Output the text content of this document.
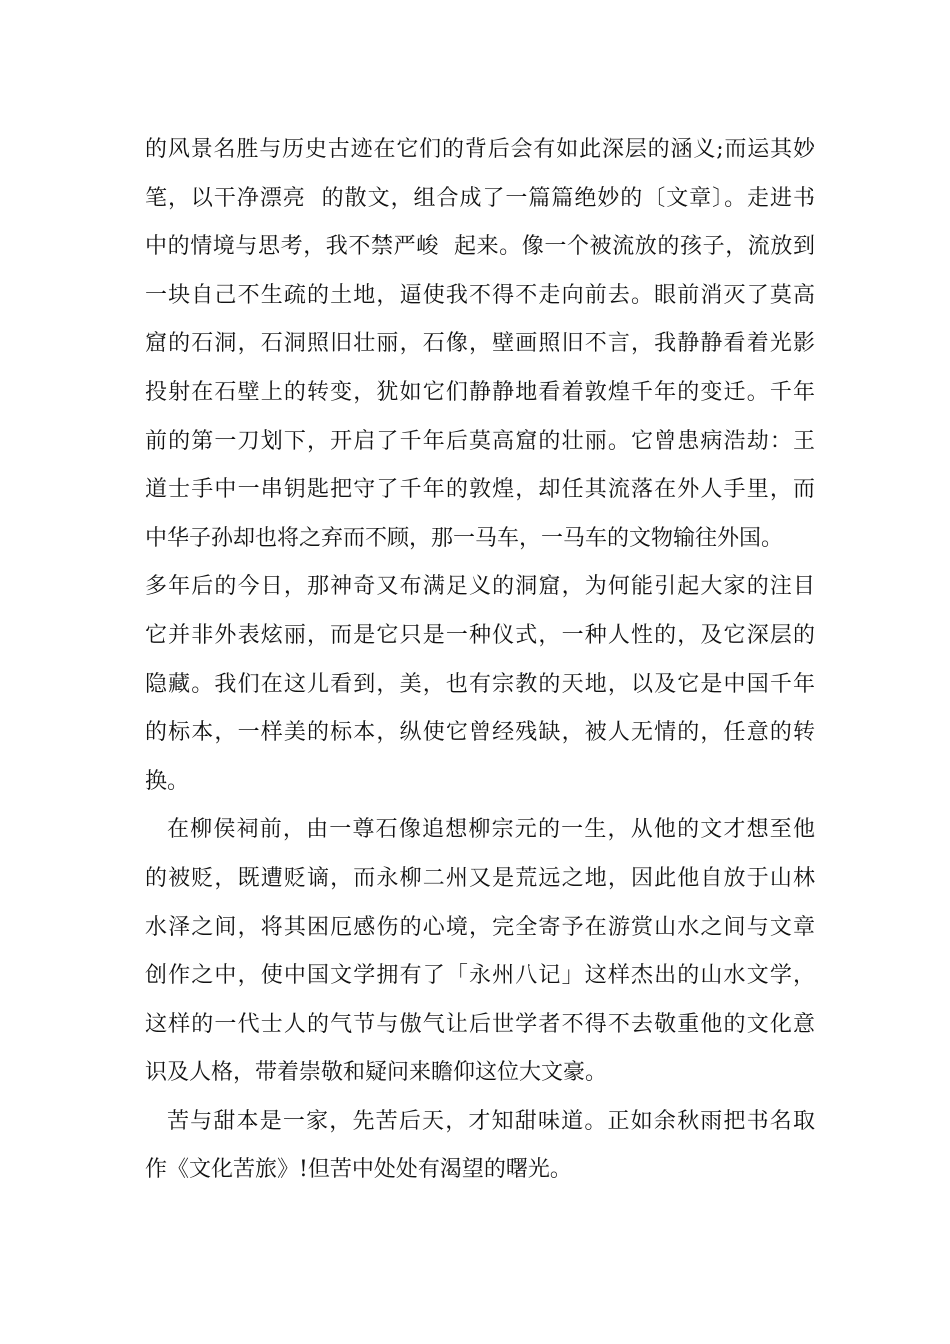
的风景名胜与历史古迹在它们的背后会有如此深层的涵义;而运其妙
笔，以干净漂亮  的散文，组合成了一篇篇绝妙的〔文章〕。走进书
中的情境与思考，我不禁严峻  起来。像一个被流放的孩子，流放到
一块自己不生疏的土地，逼使我不得不走向前去。眼前消灭了莫高
窟的石洞，石洞照旧壮丽，石像，壁画照旧不言，我静静看着光影
投射在石壁上的转变，犹如它们静静地看着敦煌千年的变迁。千年
前的第一刀划下，开启了千年后莫高窟的壮丽。它曾患病浩劫：王
道士手中一串钥匙把守了千年的敦煌，却任其流落在外人手里，而
中华子孙却也将之弃而不顾，那一马车，一马车的文物输往外国。
多年后的今日，那神奇又布满足义的洞窟，为何能引起大家的注目
它并非外表炫丽，而是它只是一种仪式，一种人性的，及它深层的
隐藏。我们在这儿看到，美，也有宗教的天地，以及它是中国千年
的标本，一样美的标本，纵使它曾经残缺，被人无情的，任意的转
换。
在柳侯祠前，由一尊石像追想柳宗元的一生，从他的文才想至他
的被贬，既遭贬谪，而永柳二州又是荒远之地，因此他自放于山林
水泽之间，将其困厄感伤的心境，完全寄予在游赏山水之间与文章
创作之中，使中国文学拥有了「永州八记」这样杰出的山水文学，
这样的一代士人的气节与傲气让后世学者不得不去敬重他的文化意
识及人格，带着崇敬和疑问来瞻仰这位大文豪。
苦与甜本是一家，先苦后天，才知甜味道。正如余秋雨把书名取
作《文化苦旅》!但苦中处处有渴望的曙光。
